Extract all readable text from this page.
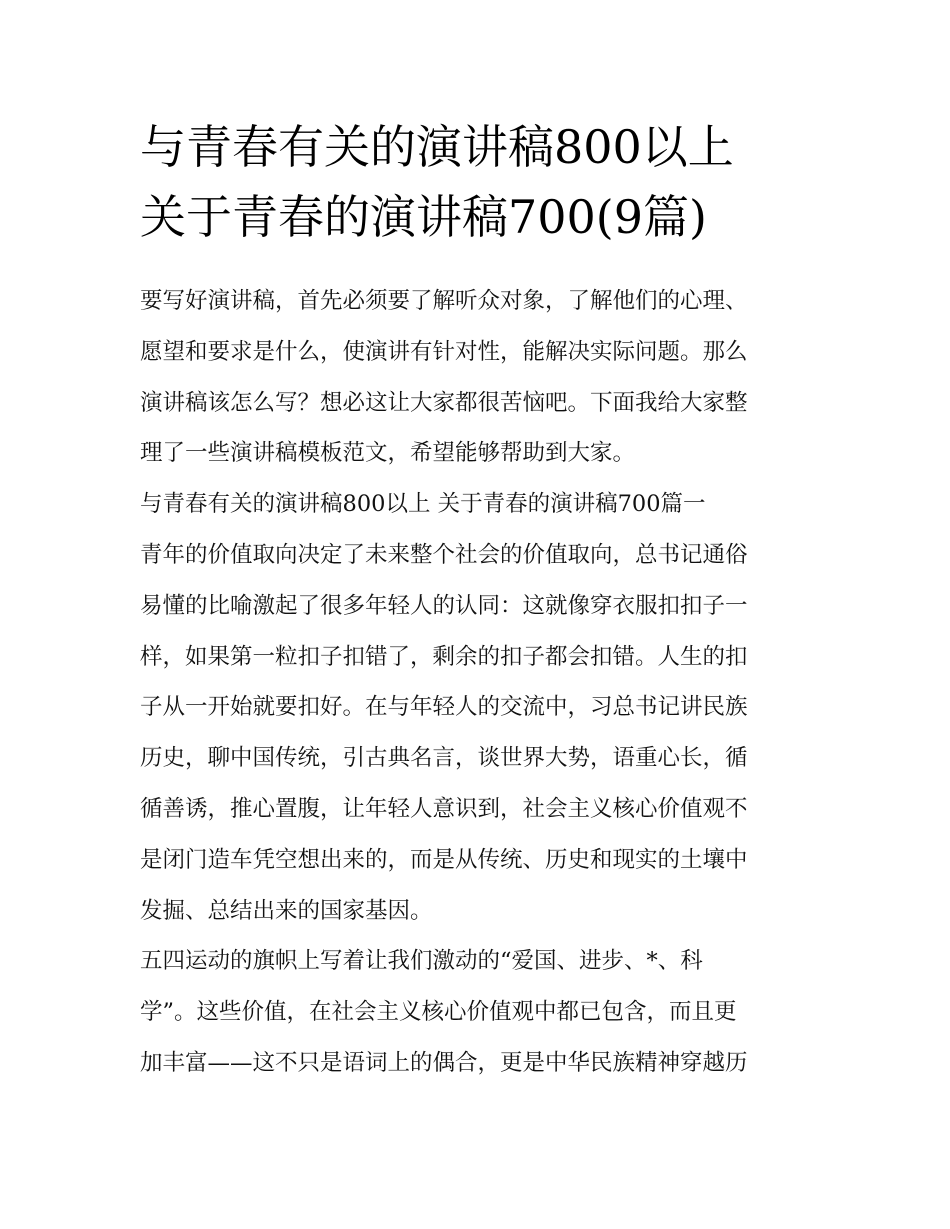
与青春有关的演讲稿800以上
关于青春的演讲稿700(9篇)
要写好演讲稿，首先必须要了解听众对象，了解他们的心理、
愿望和要求是什么，使演讲有针对性，能解决实际问题。那么
演讲稿该怎么写？想必这让大家都很苦恼吧。下面我给大家整
理了一些演讲稿模板范文，希望能够帮助到大家。
与青春有关的演讲稿800以上 关于青春的演讲稿700篇一
青年的价值取向决定了未来整个社会的价值取向，总书记通俗
易懂的比喻激起了很多年轻人的认同：这就像穿衣服扣扣子一
样，如果第一粒扣子扣错了，剩余的扣子都会扣错。人生的扣
子从一开始就要扣好。在与年轻人的交流中，习总书记讲民族
历史，聊中国传统，引古典名言，谈世界大势，语重心长，循
循善诱，推心置腹，让年轻人意识到，社会主义核心价值观不
是闭门造车凭空想出来的，而是从传统、历史和现实的土壤中
发掘、总结出来的国家基因。
五四运动的旗帜上写着让我们激动的“爱国、进步、*、科
学”。这些价值，在社会主义核心价值观中都已包含，而且更
加丰富——这不只是语词上的偶合，更是中华民族精神穿越历
